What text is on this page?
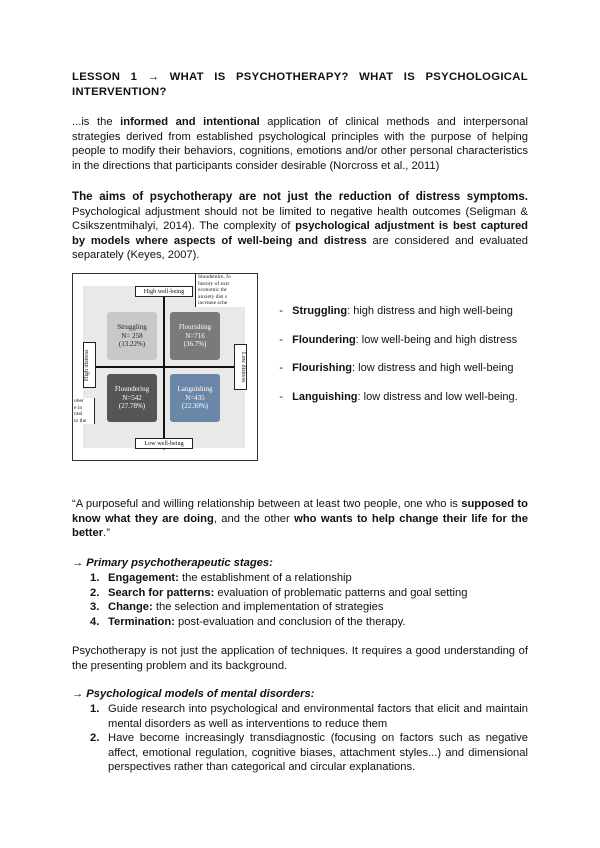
LESSON 1 → WHAT IS PSYCHOTHERAPY? WHAT IS PSYCHOLOGICAL
INTERVENTION?

...is the informed and intentional application of clinical methods and interpersonal strategies derived from established psychological principles with the purpose of helping people to modify their behaviors, cognitions, emotions and/or other personal characteristics in the directions that participants consider desirable (Norcross et al., 2011)

The aims of psychotherapy are not just the reduction of distress symptoms. Psychological adjustment should not be limited to negative health outcomes (Seligman & Csikszentmihalyi, 2014). The complexity of psychological adjustment is best captured by models where aspects of well-being and distress are considered and evaluated separately (Keyes, 2007).

High well-being
Low well-being
High distress	Low distress
Stoudemire, fo
history of extr
economic thr
anxiety dist s
increase sche
ober
e in
ntal
to the
Struggling
N= 258
(13.22%)
Flourishing
N=716
(36.7%)
Floundering
N=542
(27.78%)
Languishing
N=435
(22.30%)

-   Struggling: high distress and high well-being

-   Floundering: low well-being and high distress

-   Flourishing: low distress and high well-being

-   Languishing: low distress and low well-being.

“A purposeful and willing relationship between at least two people, one who is supposed to know what they are doing, and the other who wants to help change their life for the better.”

→ Primary psychotherapeutic stages:
1. Engagement: the establishment of a relationship
2. Search for patterns: evaluation of problematic patterns and goal setting
3. Change: the selection and implementation of strategies
4. Termination: post-evaluation and conclusion of the therapy.

Psychotherapy is not just the application of techniques. It requires a good understanding of the presenting problem and its background.

→ Psychological models of mental disorders:
1. Guide research into psychological and environmental factors that elicit and maintain mental disorders as well as interventions to reduce them
2. Have become increasingly transdiagnostic (focusing on factors such as negative affect, emotional regulation, cognitive biases, attachment styles...) and dimensional perspectives rather than categorical and circular explanations.
